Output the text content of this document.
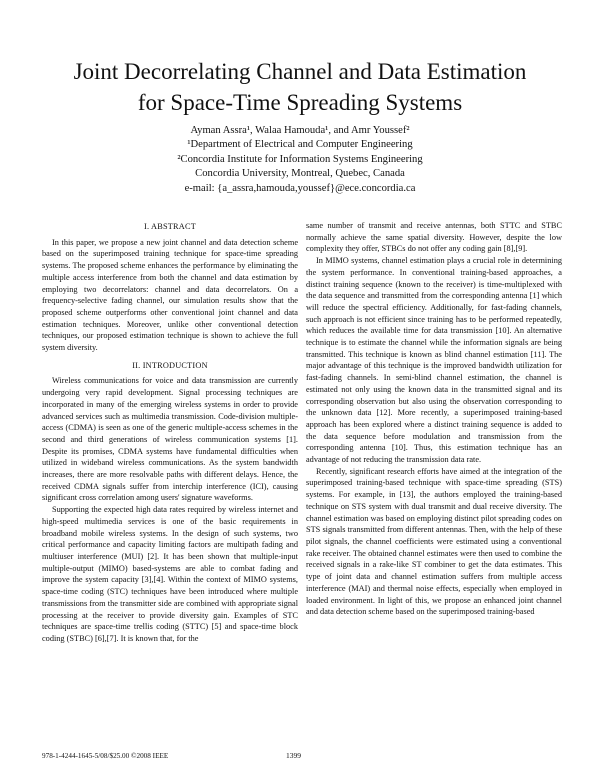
Joint Decorrelating Channel and Data Estimation
for Space-Time Spreading Systems
Ayman Assra¹, Walaa Hamouda¹, and Amr Youssef²
¹Department of Electrical and Computer Engineering
²Concordia Institute for Information Systems Engineering
Concordia University, Montreal, Quebec, Canada
e-mail: {a_assra,hamouda,youssef}@ece.concordia.ca
I. ABSTRACT

In this paper, we propose a new joint channel and data detection scheme based on the superimposed training technique for space-time spreading systems. The proposed scheme enhances the performance by eliminating the multiple access interference from both the channel and data estimation by employing two decorrelators: channel and data decorrelators. On a frequency-selective fading channel, our simulation results show that the proposed scheme outperforms other conventional joint channel and data estimation techniques. Moreover, unlike other conventional detection techniques, our proposed estimation technique is shown to achieve the full system diversity.

II. INTRODUCTION

Wireless communications for voice and data transmission are currently undergoing very rapid development. Signal processing techniques are incorporated in many of the emerging wireless systems in order to provide advanced services such as multimedia transmission. Code-division multiple-access (CDMA) is seen as one of the generic multiple-access schemes in the second and third generations of wireless communication systems [1]. Despite its promises, CDMA systems have fundamental difficulties when utilized in wideband wireless communications. As the system bandwidth increases, there are more resolvable paths with different delays. Hence, the received CDMA signals suffer from interchip interference (ICI), causing significant cross correlation among users' signature waveforms.

Supporting the expected high data rates required by wireless internet and high-speed multimedia services is one of the basic requirements in broadband mobile wireless systems. In the design of such systems, two critical performance and capacity limiting factors are multipath fading and multiuser interference (MUI) [2]. It has been shown that multiple-input multiple-output (MIMO) based-systems are able to combat fading and improve the system capacity [3],[4]. Within the context of MIMO systems, space-time coding (STC) techniques have been introduced where multiple transmissions from the transmitter side are combined with appropriate signal processing at the receiver to provide diversity gain. Examples of STC techniques are space-time trellis coding (STTC) [5] and space-time block coding (STBC) [6],[7]. It is known that, for the

same number of transmit and receive antennas, both STTC and STBC normally achieve the same spatial diversity. However, despite the low complexity they offer, STBCs do not offer any coding gain [8],[9].

In MIMO systems, channel estimation plays a crucial role in determining the system performance. In conventional training-based approaches, a distinct training sequence (known to the receiver) is time-multiplexed with the data sequence and transmitted from the corresponding antenna [1] which will reduce the spectral efficiency. Additionally, for fast-fading channels, such approach is not efficient since training has to be performed repeatedly, which reduces the available time for data transmission [10]. An alternative technique is to estimate the channel while the information signals are being transmitted. This technique is known as blind channel estimation [11]. The major advantage of this technique is the improved bandwidth utilization for fast-fading channels. In semi-blind channel estimation, the channel is estimated not only using the known data in the transmitted signal and its corresponding observation but also using the observation corresponding to the unknown data [12]. More recently, a superimposed training-based approach has been explored where a distinct training sequence is added to the data sequence before modulation and transmission from the corresponding antenna [10]. Thus, this estimation technique has an advantage of not reducing the transmission data rate.

Recently, significant research efforts have aimed at the integration of the superimposed training-based technique with space-time spreading (STS) systems. For example, in [13], the authors employed the training-based technique on STS system with dual transmit and dual receive diversity. The channel estimation was based on employing distinct pilot spreading codes on STS signals transmitted from different antennas. Then, with the help of these pilot signals, the channel coefficients were estimated using a conventional rake receiver. The obtained channel estimates were then used to combine the received signals in a rake-like ST combiner to get the data estimates. This type of joint data and channel estimation suffers from multiple access interference (MAI) and thermal noise effects, especially when employed in loaded environment. In light of this, we propose an enhanced joint channel and data detection scheme based on the superimposed training-based

978-1-4244-1645-5/08/$25.00 ©2008 IEEE	1399
